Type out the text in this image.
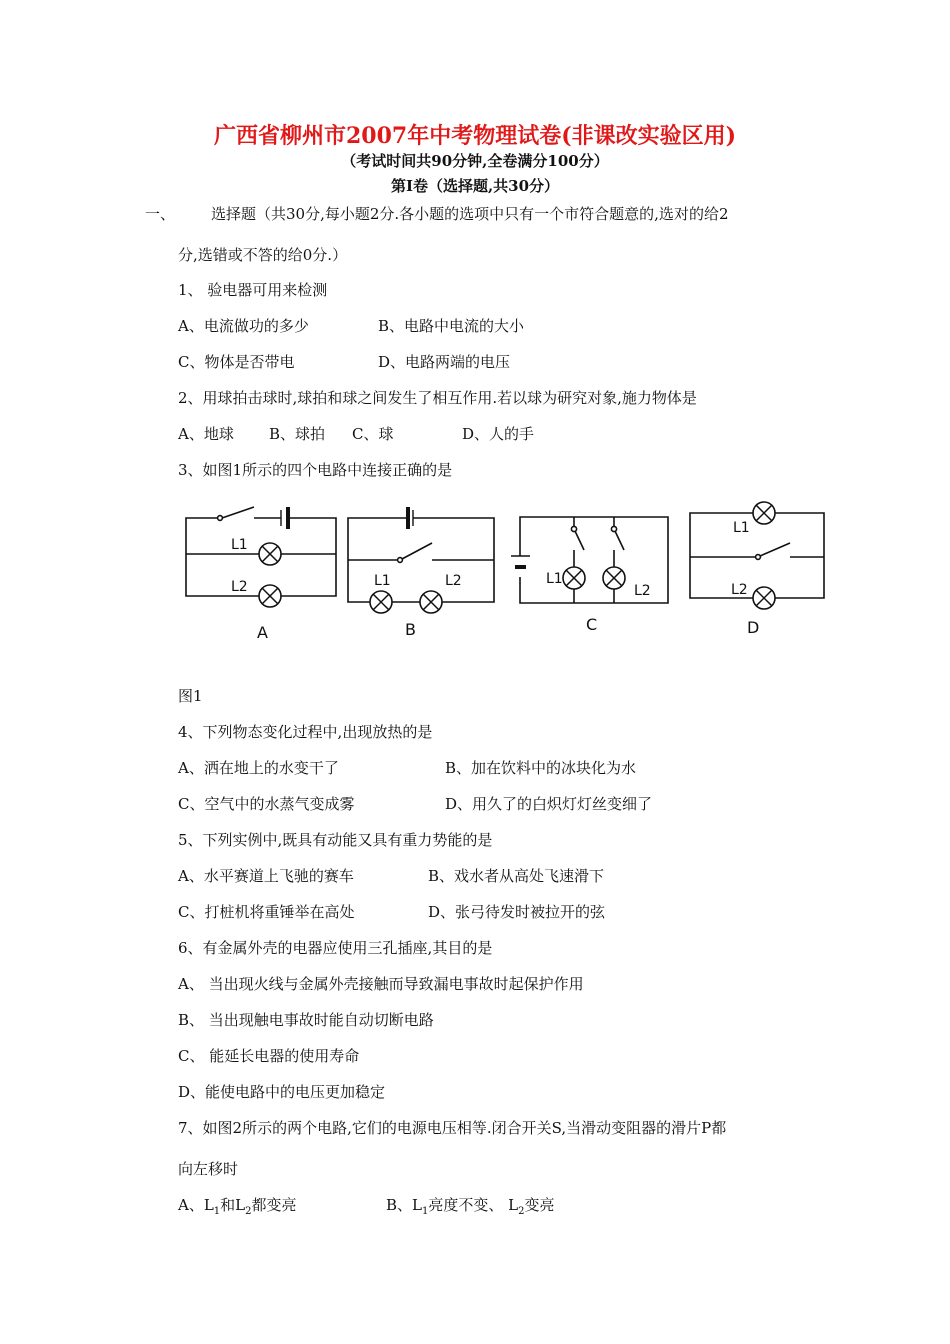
广西省柳州市2007年中考物理试卷(非课改实验区用)
（考试时间共90分钟,全卷满分100分）
第Ⅰ卷（选择题,共30分）
一、 选择题（共30分,每小题2分.各小题的选项中只有一个市符合题意的,选对的给2
分,选错或不答的给0分.）
1、 验电器可用来检测
A、电流做功的多少	B、电路中电流的大小
C、物体是否带电	D、电路两端的电压
2、用球拍击球时,球拍和球之间发生了相互作用.若以球为研究对象,施力物体是
A、地球 B、球拍 C、球	D、人的手
3、如图1所示的四个电路中连接正确的是
L1
L2	L1	L2	L1
L2
L1
L2
A	B	C	D
图1
4、下列物态变化过程中,出现放热的是
A、洒在地上的水变干了	B、加在饮料中的冰块化为水
C、空气中的水蒸气变成雾	D、用久了的白炽灯灯丝变细了
5、下列实例中,既具有动能又具有重力势能的是
A、水平赛道上飞驰的赛车	B、戏水者从高处飞速滑下
C、打桩机将重锤举在高处	D、张弓待发时被拉开的弦
6、有金属外壳的电器应使用三孔插座,其目的是
A、 当出现火线与金属外壳接触而导致漏电事故时起保护作用
B、 当出现触电事故时能自动切断电路
C、 能延长电器的使用寿命
D、能使电路中的电压更加稳定
7、如图2所示的两个电路,它们的电源电压相等.闭合开关S,当滑动变阻器的滑片P都
向左移时
A、$L_1$和$L_2$都变亮	B、$L_1$亮度不变、 $L_2$变亮
